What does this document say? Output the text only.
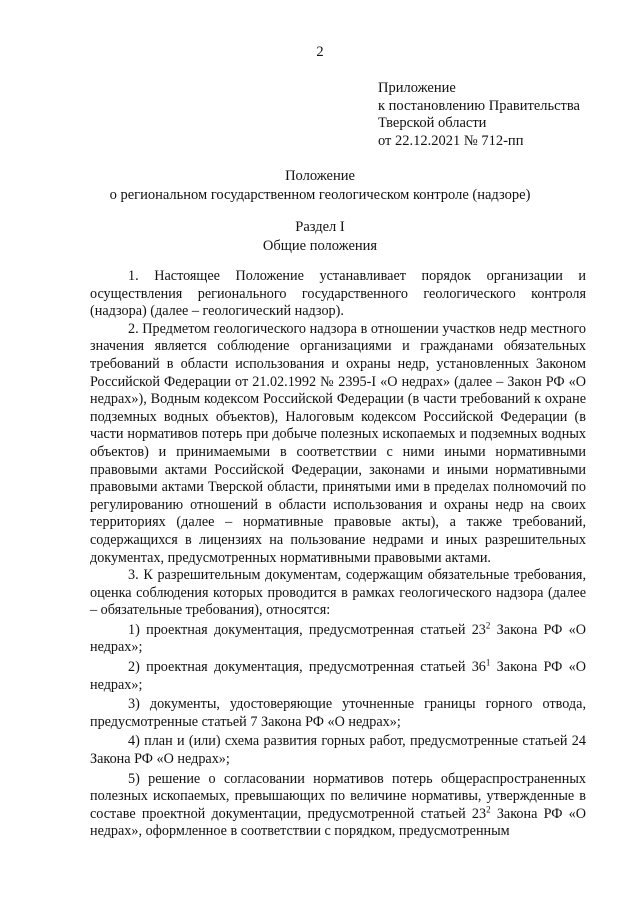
2
Приложение
к постановлению Правительства
Тверской области
от 22.12.2021 № 712-пп
Положение
о региональном государственном геологическом контроле (надзоре)
Раздел I
Общие положения

1. Настоящее Положение устанавливает порядок организации и осуществления регионального государственного геологического контроля (надзора) (далее – геологический надзор).

2. Предметом геологического надзора в отношении участков недр местного значения является соблюдение организациями и гражданами обязательных требований в области использования и охраны недр, установленных Законом Российской Федерации от 21.02.1992 № 2395-I «О недрах» (далее – Закон РФ «О недрах»), Водным кодексом Российской Федерации (в части требований к охране подземных водных объектов), Налоговым кодексом Российской Федерации (в части нормативов потерь при добыче полезных ископаемых и подземных водных объектов) и принимаемыми в соответствии с ними иными нормативными правовыми актами Российской Федерации, законами и иными нормативными правовыми актами Тверской области, принятыми ими в пределах полномочий по регулированию отношений в области использования и охраны недр на своих территориях (далее – нормативные правовые акты), а также требований, содержащихся в лицензиях на пользование недрами и иных разрешительных документах, предусмотренных нормативными правовыми актами.

3. К разрешительным документам, содержащим обязательные требования, оценка соблюдения которых проводится в рамках геологического надзора (далее – обязательные требования), относятся:

1) проектная документация, предусмотренная статьей $23^2$ Закона РФ «О недрах»;

2) проектная документация, предусмотренная статьей $36^1$ Закона РФ «О недрах»;

3) документы, удостоверяющие уточненные границы горного отвода, предусмотренные статьей 7 Закона РФ «О недрах»;

4) план и (или) схема развития горных работ, предусмотренные статьей 24 Закона РФ «О недрах»;

5) решение о согласовании нормативов потерь общераспространенных полезных ископаемых, превышающих по величине нормативы, утвержденные в составе проектной документации, предусмотренной статьей $23^2$ Закона РФ «О недрах», оформленное в соответствии с порядком, предусмотренным
